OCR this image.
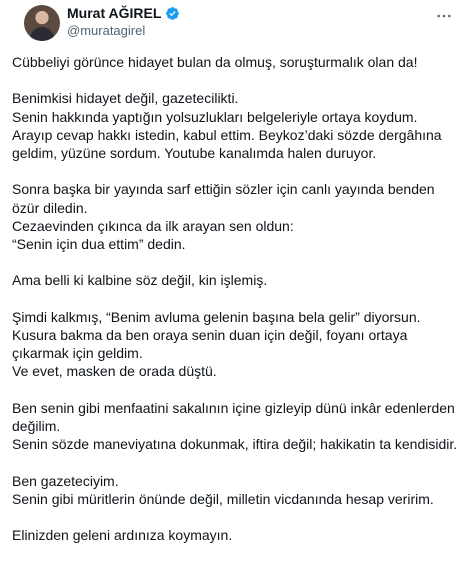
Murat AĞIREL
@muratagirel

Cübbeliyi görünce hidayet bulan da olmuş, soruşturmalık olan da!

Benimkisi hidayet değil, gazetecilikti.
Senin hakkında yaptığın yolsuzlukları belgeleriyle ortaya koydum.
Arayıp cevap hakkı istedin, kabul ettim. Beykoz’daki sözde dergâhına geldim, yüzüne sordum. Youtube kanalımda halen duruyor.

Sonra başka bir yayında sarf ettiğin sözler için canlı yayında benden özür diledin.
Cezaevinden çıkınca da ilk arayan sen oldun:
“Senin için dua ettim” dedin.

Ama belli ki kalbine söz değil, kin işlemiş.

Şimdi kalkmış, “Benim avluma gelenin başına bela gelir” diyorsun.
Kusura bakma da ben oraya senin duan için değil, foyanı ortaya çıkarmak için geldim.
Ve evet, masken de orada düştü.

Ben senin gibi menfaatini sakalının içine gizleyip dünü inkâr edenlerden değilim.
Senin sözde maneviyatına dokunmak, iftira değil; hakikatin ta kendisidir.

Ben gazeteciyim.
Senin gibi müritlerin önünde değil, milletin vicdanında hesap veririm.

Elinizden geleni ardınıza koymayın.
